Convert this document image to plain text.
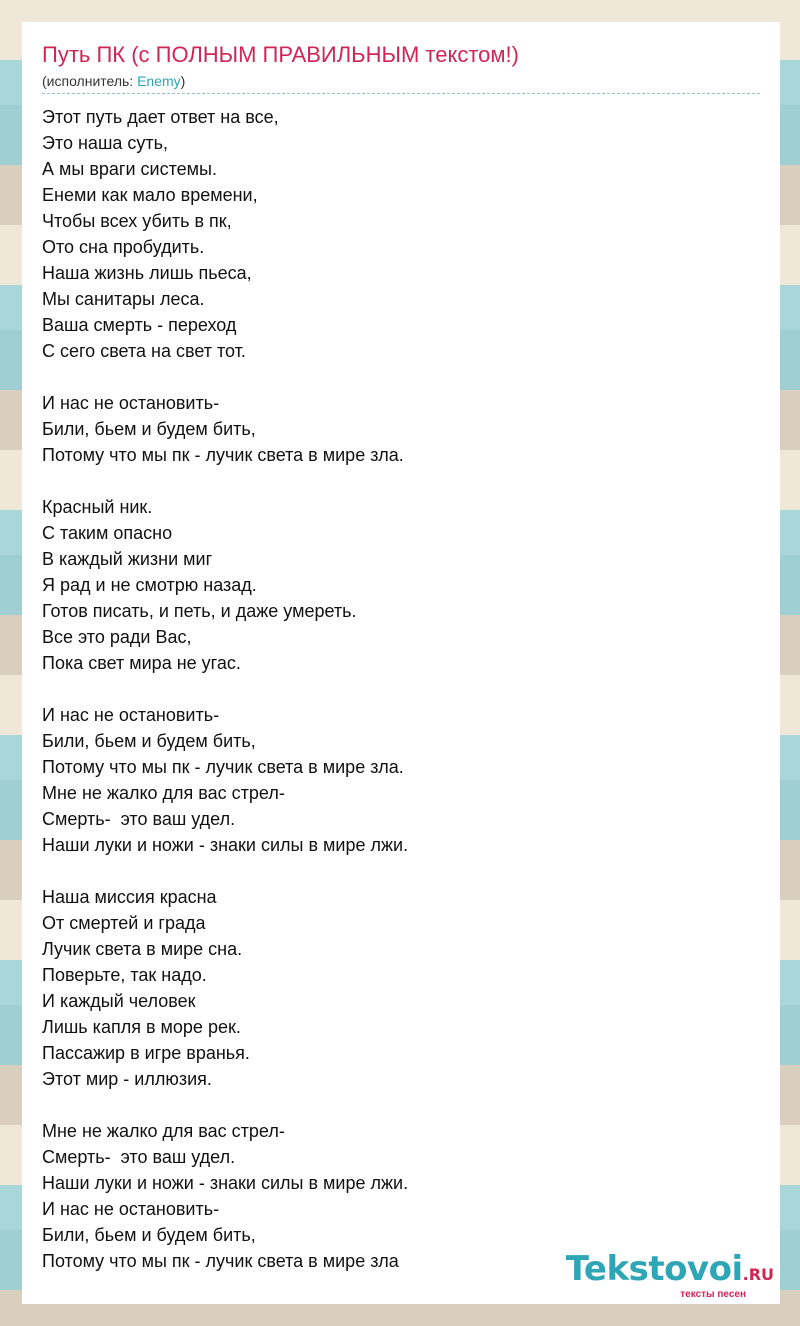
Путь ПК (с ПОЛНЫМ ПРАВИЛЬНЫМ текстом!)
(исполнитель: Enemy)
Этот путь дает ответ на все,
Это наша суть,
А мы враги системы.
Енеми как мало времени,
Чтобы всех убить в пк,
Ото сна пробудить.
Наша жизнь лишь пьеса,
Мы санитары леса.
Ваша смерть - переход
С сего света на свет тот.
И нас не остановить-
Били, бьем и будем бить,
Потому что мы пк - лучик света в мире зла.
Красный ник.
С таким опасно
В каждый жизни миг
Я рад и не смотрю назад.
Готов писать, и петь, и даже умереть.
Все это ради Вас,
Пока свет мира не угас.
И нас не остановить-
Били, бьем и будем бить,
Потому что мы пк - лучик света в мире зла.
Мне не жалко для вас стрел-
Смерть-  это ваш удел.
Наши луки и ножи - знаки силы в мире лжи.
Наша миссия красна
От смертей и града
Лучик света в мире сна.
Поверьте, так надо.
И каждый человек
Лишь капля в море рек.
Пассажир в игре вранья.
Этот мир - иллюзия.
Мне не жалко для вас стрел-
Смерть-  это ваш удел.
Наши луки и ножи - знаки силы в мире лжи.
И нас не остановить-
Били, бьем и будем бить,
Потому что мы пк - лучик света в мире зла	Tekstovoi.RU
тексты песен
